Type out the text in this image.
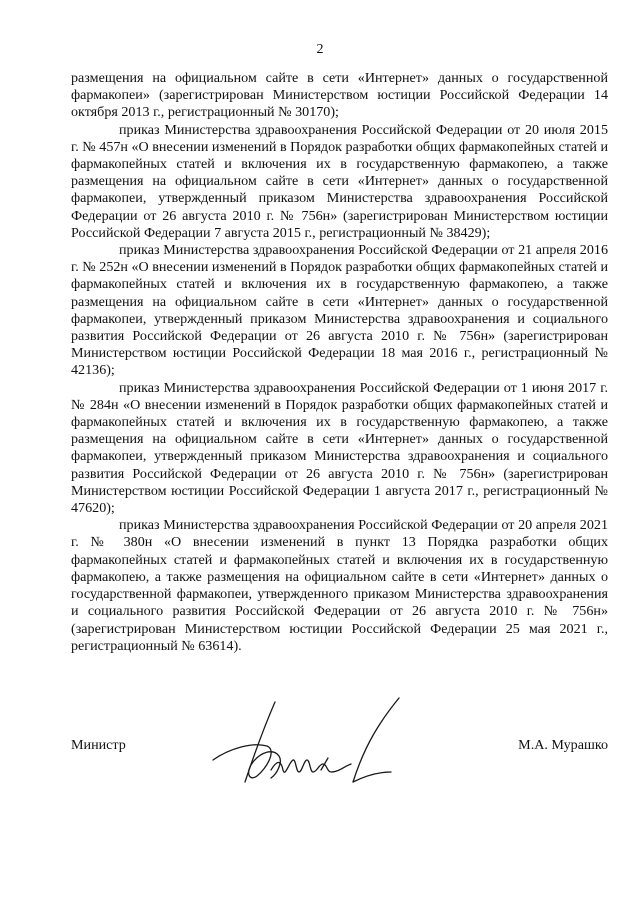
2

размещения на официальном сайте в сети «Интернет» данных о государственной фармакопеи» (зарегистрирован Министерством юстиции Российской Федерации 14 октября 2013 г., регистрационный № 30170);

приказ Министерства здравоохранения Российской Федерации от 20 июля 2015 г. № 457н «О внесении изменений в Порядок разработки общих фармакопейных статей и фармакопейных статей и включения их в государственную фармакопею, а также размещения на официальном сайте в сети «Интернет» данных о государственной фармакопеи, утвержденный приказом Министерства здравоохранения Российской Федерации от 26 августа 2010 г. № 756н» (зарегистрирован Министерством юстиции Российской Федерации 7 августа 2015 г., регистрационный № 38429);

приказ Министерства здравоохранения Российской Федерации от 21 апреля 2016 г. № 252н «О внесении изменений в Порядок разработки общих фармакопейных статей и фармакопейных статей и включения их в государственную фармакопею, а также размещения на официальном сайте в сети «Интернет» данных о государственной фармакопеи, утвержденный приказом Министерства здравоохранения и социального развития Российской Федерации от 26 августа 2010 г. № 756н» (зарегистрирован Министерством юстиции Российской Федерации 18 мая 2016 г., регистрационный № 42136);

приказ Министерства здравоохранения Российской Федерации от 1 июня 2017 г. № 284н «О внесении изменений в Порядок разработки общих фармакопейных статей и фармакопейных статей и включения их в государственную фармакопею, а также размещения на официальном сайте в сети «Интернет» данных о государственной фармакопеи, утвержденный приказом Министерства здравоохранения и социального развития Российской Федерации от 26 августа 2010 г. № 756н» (зарегистрирован Министерством юстиции Российской Федерации 1 августа 2017 г., регистрационный № 47620);

приказ Министерства здравоохранения Российской Федерации от 20 апреля 2021 г. № 380н «О внесении изменений в пункт 13 Порядка разработки общих фармакопейных статей и фармакопейных статей и включения их в государственную фармакопею, а также размещения на официальном сайте в сети «Интернет» данных о государственной фармакопеи, утвержденного приказом Министерства здравоохранения и социального развития Российской Федерации от 26 августа 2010 г. № 756н» (зарегистрирован Министерством юстиции Российской Федерации 25 мая 2021 г., регистрационный № 63614).

Министр	М.А. Мурашко
